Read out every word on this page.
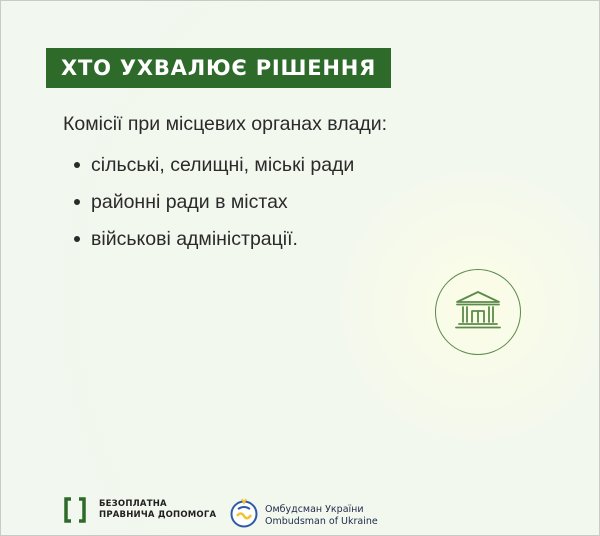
ХТО УХВАЛЮЄ РІШЕННЯ
Комісії при місцевих органах влади:
сільські, селищні, міські ради
районні ради в містах
військові адміністрації.
БЕЗОПЛАТНА
ПРАВНИЧА ДОПОМОГА
Омбудсман України
Ombudsman of Ukraine
